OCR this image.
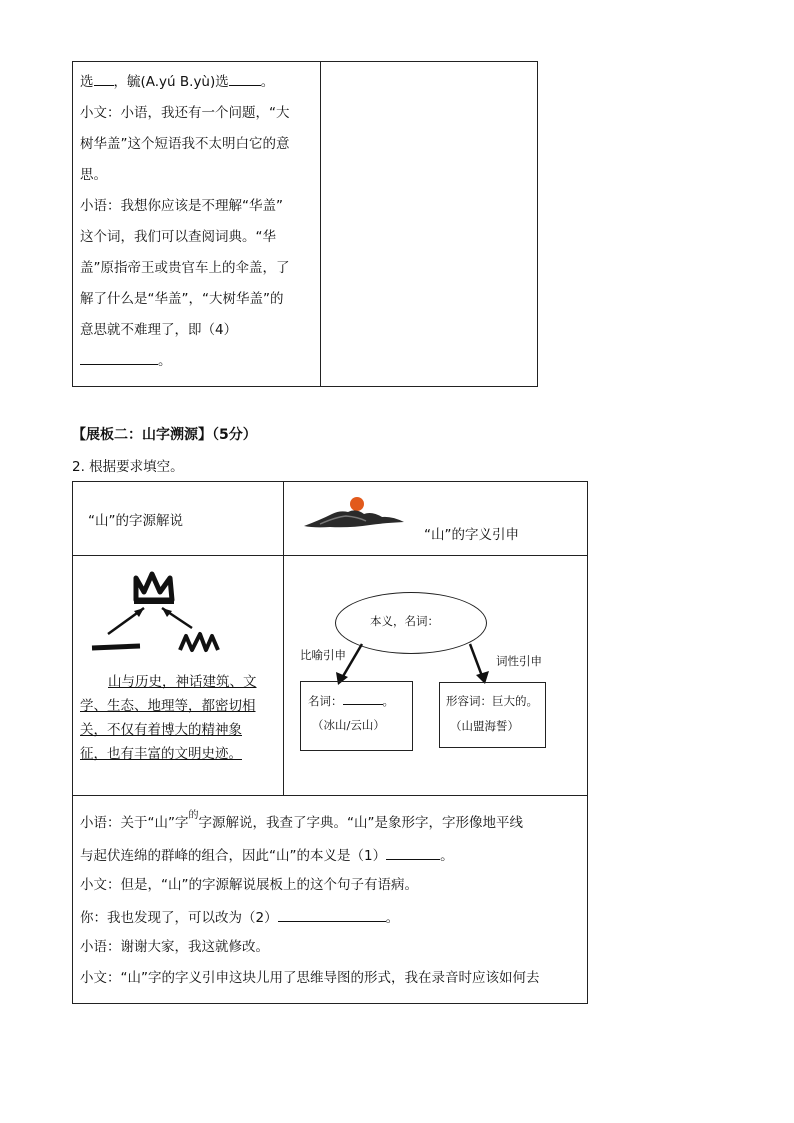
选 ，毓(A.yú B.yù)选 。

小文：小语，我还有一个问题，“大

树华盖”这个短语我不太明白它的意

思。

小语：我想你应该是不理解“华盖”

这个词，我们可以查阅词典。“华

盖”原指帝王或贵官车上的伞盖，了

解了什么是“华盖”，“大树华盖”的

意思就不难理了，即（4）

。

【展板二：山字溯源】（5分）
2. 根据要求填空。
“山”的字源解说
“山”的字义引申
山与历史，神话建筑、文
学、生态、地理等，都密切相
关，不仅有着博大的精神象
征，也有丰富的文明史迹。
本义，名词：
比喻引申	词性引申
名词：	。
（冰山/云山）
形容词：巨大的。
（山盟海誓）
小语：关于“山”字$^的$字源解说，我查了字典。“山”是象形字，字形像地平线
与起伏连绵的群峰的组合，因此“山”的本义是（1）	。
小文：但是，“山”的字源解说展板上的这个句子有语病。
你：我也发现了，可以改为（2）	。
小语：谢谢大家，我这就修改。
小文：“山”字的字义引申这块儿用了思维导图的形式，我在录音时应该如何去
